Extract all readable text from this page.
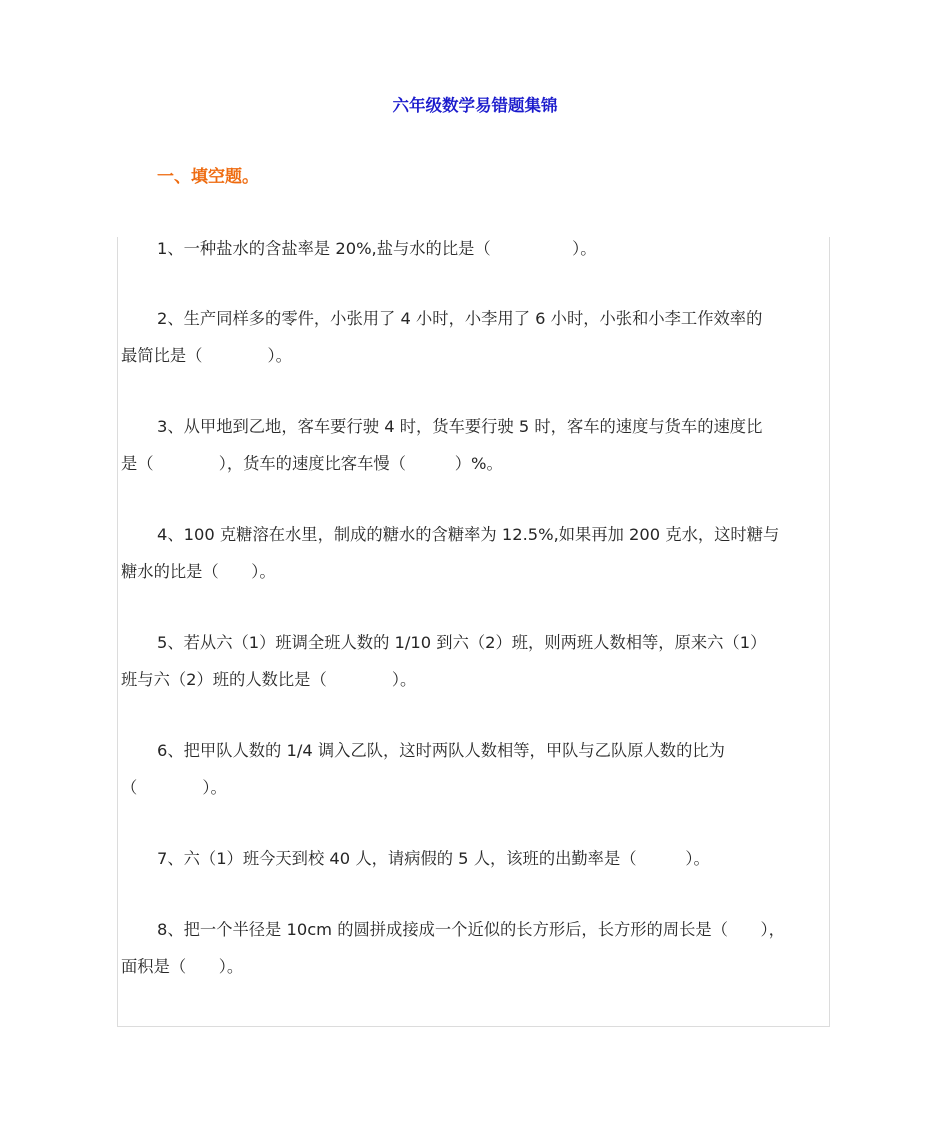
六年级数学易错题集锦
一、填空题。
1、一种盐水的含盐率是 20%,盐与水的比是（　　　　　）。
2、生产同样多的零件，小张用了 4 小时，小李用了 6 小时，小张和小李工作效率的
最简比是（　　　　）。
3、从甲地到乙地，客车要行驶 4 时，货车要行驶 5 时，客车的速度与货车的速度比
是（　　　　），货车的速度比客车慢（　　　）%。
4、100 克糖溶在水里，制成的糖水的含糖率为 12.5%,如果再加 200 克水，这时糖与
糖水的比是（　　）。
5、若从六（1）班调全班人数的 1/10 到六（2）班，则两班人数相等，原来六（1）
班与六（2）班的人数比是（　　　　）。
6、把甲队人数的 1/4 调入乙队，这时两队人数相等，甲队与乙队原人数的比为
（　　　　）。
7、六（1）班今天到校 40 人，请病假的 5 人，该班的出勤率是（　　　）。
8、把一个半径是 10cm 的圆拼成接成一个近似的长方形后，长方形的周长是（　　），
面积是（　　）。
